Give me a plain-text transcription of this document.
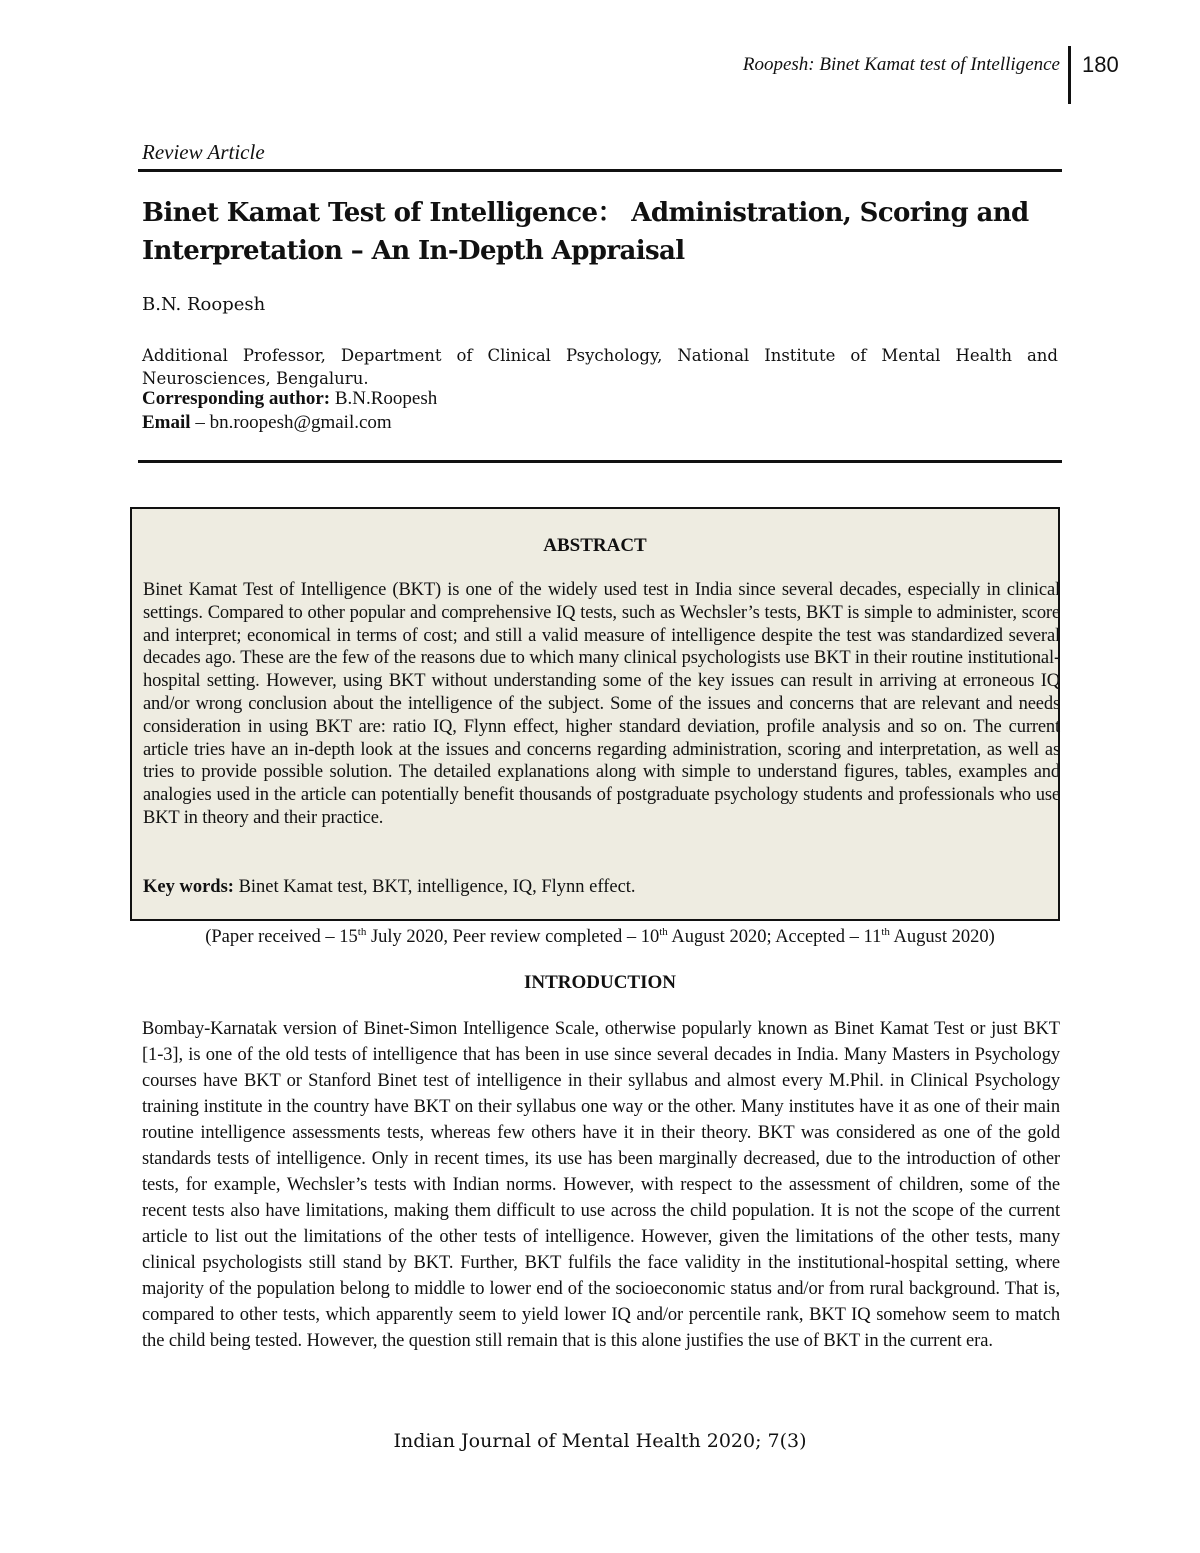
Roopesh: Binet Kamat test of Intelligence 180
Review Article
Binet Kamat Test of Intelligence： Administration, Scoring and Interpretation – An In-Depth Appraisal
B.N. Roopesh
Additional Professor, Department of Clinical Psychology, National Institute of Mental Health and Neurosciences, Bengaluru.
Corresponding author: B.N.Roopesh
Email – bn.roopesh@gmail.com
ABSTRACT
Binet Kamat Test of Intelligence (BKT) is one of the widely used test in India since several decades, especially in clinical settings. Compared to other popular and comprehensive IQ tests, such as Wechsler’s tests, BKT is simple to administer, score and interpret; economical in terms of cost; and still a valid measure of intelligence despite the test was standardized several decades ago. These are the few of the reasons due to which many clinical psychologists use BKT in their routine institutional-hospital setting. However, using BKT without understanding some of the key issues can result in arriving at erroneous IQ and/or wrong conclusion about the intelligence of the subject. Some of the issues and concerns that are relevant and needs consideration in using BKT are: ratio IQ, Flynn effect, higher standard deviation, profile analysis and so on. The current article tries have an in-depth look at the issues and concerns regarding administration, scoring and interpretation, as well as tries to provide possible solution. The detailed explanations along with simple to understand figures, tables, examples and analogies used in the article can potentially benefit thousands of postgraduate psychology students and professionals who use BKT in theory and their practice.
Key words: Binet Kamat test, BKT, intelligence, IQ, Flynn effect.
(Paper received – 15th July 2020, Peer review completed – 10th August 2020; Accepted – 11th August 2020)
INTRODUCTION
Bombay-Karnatak version of Binet-Simon Intelligence Scale, otherwise popularly known as Binet Kamat Test or just BKT [1-3], is one of the old tests of intelligence that has been in use since several decades in India. Many Masters in Psychology courses have BKT or Stanford Binet test of intelligence in their syllabus and almost every M.Phil. in Clinical Psychology training institute in the country have BKT on their syllabus one way or the other. Many institutes have it as one of their main routine intelligence assessments tests, whereas few others have it in their theory. BKT was considered as one of the gold standards tests of intelligence. Only in recent times, its use has been marginally decreased, due to the introduction of other tests, for example, Wechsler’s tests with Indian norms. However, with respect to the assessment of children, some of the recent tests also have limitations, making them difficult to use across the child population. It is not the scope of the current article to list out the limitations of the other tests of intelligence. However, given the limitations of the other tests, many clinical psychologists still stand by BKT. Further, BKT fulfils the face validity in the institutional-hospital setting, where majority of the population belong to middle to lower end of the socioeconomic status and/or from rural background. That is, compared to other tests, which apparently seem to yield lower IQ and/or percentile rank, BKT IQ somehow seem to match the child being tested. However, the question still remain that is this alone justifies the use of BKT in the current era.
Indian Journal of Mental Health 2020; 7(3)
